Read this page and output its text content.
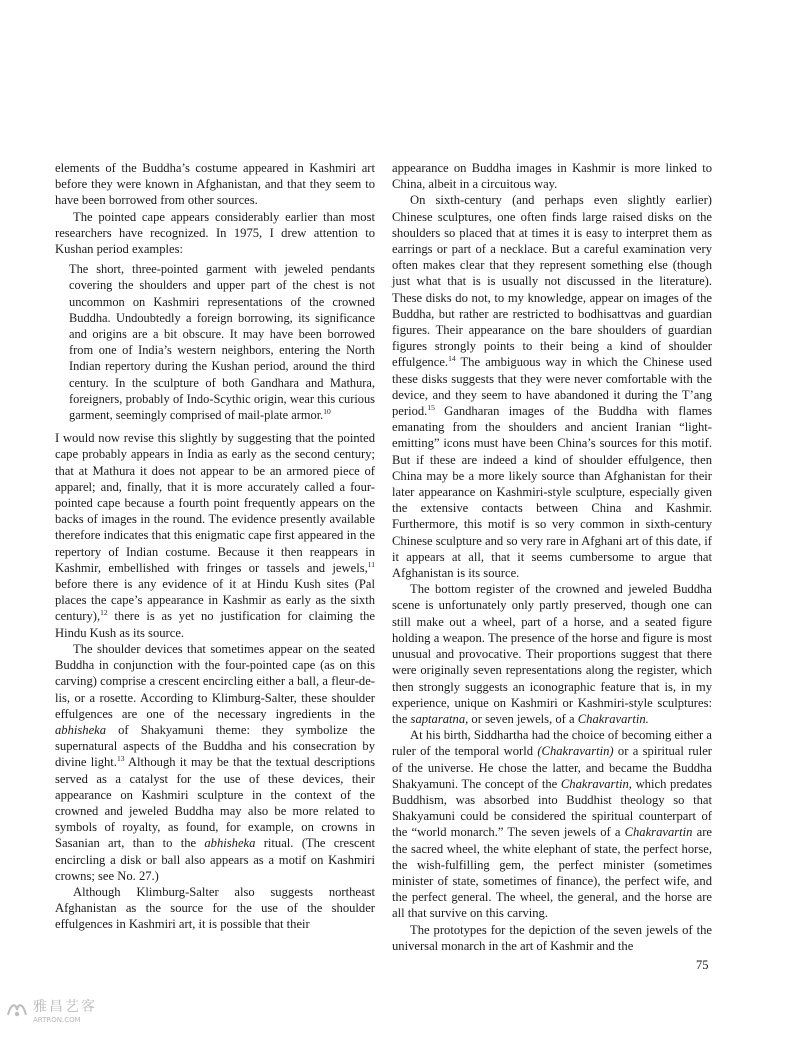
elements of the Buddha’s costume appeared in Kashmiri art before they were known in Afghanistan, and that they seem to have been borrowed from other sources.

The pointed cape appears considerably earlier than most researchers have recognized. In 1975, I drew attention to Kushan period examples:

The short, three-pointed garment with jeweled pendants covering the shoulders and upper part of the chest is not uncommon on Kashmiri representations of the crowned Buddha. Undoubtedly a foreign borrowing, its significance and origins are a bit obscure. It may have been borrowed from one of India’s western neighbors, entering the North Indian repertory during the Kushan period, around the third century. In the sculpture of both Gandhara and Mathura, foreigners, probably of Indo-Scythic origin, wear this curious garment, seemingly comprised of mail-plate armor.$^{10}$

I would now revise this slightly by suggesting that the pointed cape probably appears in India as early as the second century; that at Mathura it does not appear to be an armored piece of apparel; and, finally, that it is more accurately called a four-pointed cape because a fourth point frequently appears on the backs of images in the round. The evidence presently available therefore indicates that this enigmatic cape first appeared in the repertory of Indian costume. Because it then reappears in Kashmir, embellished with fringes or tassels and jewels,$^{11}$ before there is any evidence of it at Hindu Kush sites (Pal places the cape’s appearance in Kashmir as early as the sixth century),$^{12}$ there is as yet no justification for claiming the Hindu Kush as its source.

The shoulder devices that sometimes appear on the seated Buddha in conjunction with the four-pointed cape (as on this carving) comprise a crescent encircling either a ball, a fleur-de-lis, or a rosette. According to Klimburg-Salter, these shoulder effulgences are one of the necessary ingredients in the abhisheka of Shakyamuni theme: they symbolize the supernatural aspects of the Buddha and his consecration by divine light.$^{13}$ Although it may be that the textual descriptions served as a catalyst for the use of these devices, their appearance on Kashmiri sculpture in the context of the crowned and jeweled Buddha may also be more related to symbols of royalty, as found, for example, on crowns in Sasanian art, than to the abhisheka ritual. (The crescent encircling a disk or ball also appears as a motif on Kashmiri crowns; see No. 27.)

Although Klimburg-Salter also suggests northeast Afghanistan as the source for the use of the shoulder effulgences in Kashmiri art, it is possible that their

appearance on Buddha images in Kashmir is more linked to China, albeit in a circuitous way.

On sixth-century (and perhaps even slightly earlier) Chinese sculptures, one often finds large raised disks on the shoulders so placed that at times it is easy to interpret them as earrings or part of a necklace. But a careful examination very often makes clear that they represent something else (though just what that is is usually not discussed in the literature). These disks do not, to my knowledge, appear on images of the Buddha, but rather are restricted to bodhisattvas and guardian figures. Their appearance on the bare shoulders of guardian figures strongly points to their being a kind of shoulder effulgence.$^{14}$ The ambiguous way in which the Chinese used these disks suggests that they were never comfortable with the device, and they seem to have abandoned it during the T’ang period.$^{15}$ Gandharan images of the Buddha with flames emanating from the shoulders and ancient Iranian “light-emitting” icons must have been China’s sources for this motif. But if these are indeed a kind of shoulder effulgence, then China may be a more likely source than Afghanistan for their later appearance on Kashmiri-style sculpture, especially given the extensive contacts between China and Kashmir. Furthermore, this motif is so very common in sixth-century Chinese sculpture and so very rare in Afghani art of this date, if it appears at all, that it seems cumbersome to argue that Afghanistan is its source.

The bottom register of the crowned and jeweled Buddha scene is unfortunately only partly preserved, though one can still make out a wheel, part of a horse, and a seated figure holding a weapon. The presence of the horse and figure is most unusual and provocative. Their proportions suggest that there were originally seven representations along the register, which then strongly suggests an iconographic feature that is, in my experience, unique on Kashmiri or Kashmiri-style sculptures: the saptaratna, or seven jewels, of a Chakravartin.

At his birth, Siddhartha had the choice of becoming either a ruler of the temporal world (Chakravartin) or a spiritual ruler of the universe. He chose the latter, and became the Buddha Shakyamuni. The concept of the Chakravartin, which predates Buddhism, was absorbed into Buddhist theology so that Shakyamuni could be considered the spiritual counterpart of the “world monarch.” The seven jewels of a Chakravartin are the sacred wheel, the white elephant of state, the perfect horse, the wish-fulfilling gem, the perfect minister (sometimes minister of state, sometimes of finance), the perfect wife, and the perfect general. The wheel, the general, and the horse are all that survive on this carving.

The prototypes for the depiction of the seven jewels of the universal monarch in the art of Kashmir and the

75
雅昌艺客
ARTRON.COM
